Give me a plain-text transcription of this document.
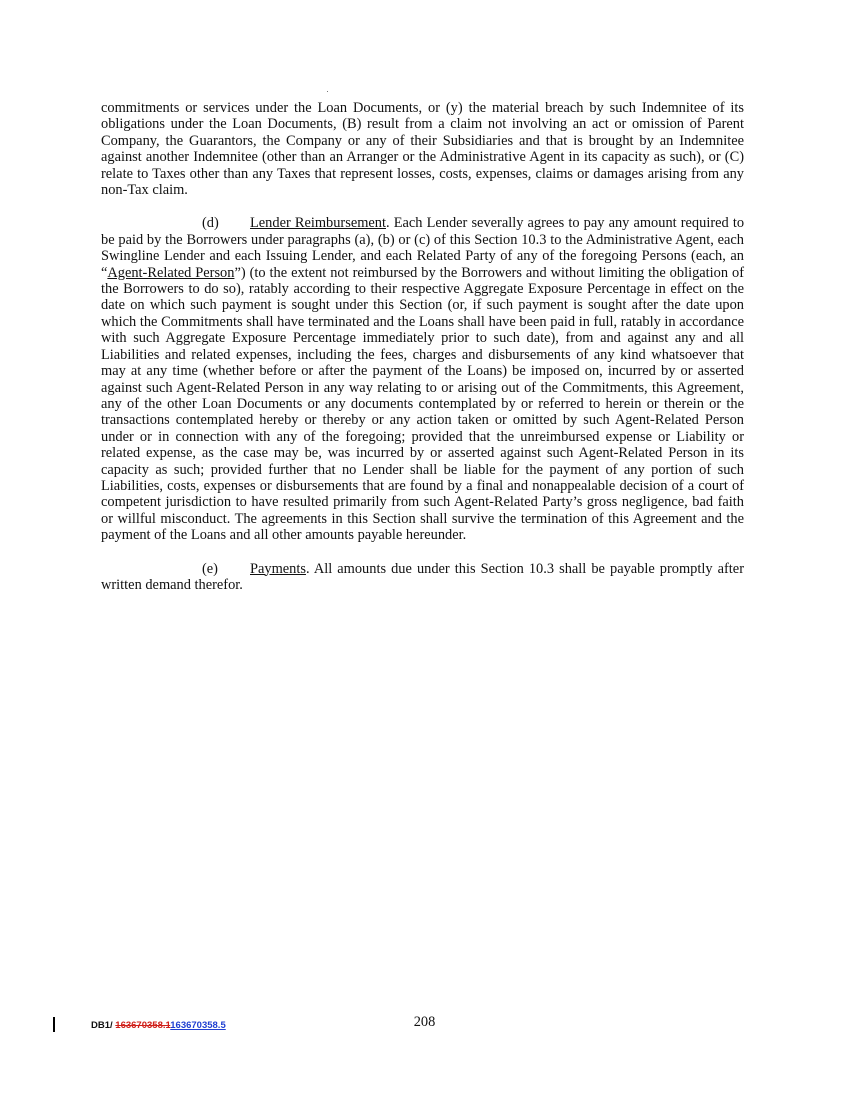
commitments or services under the Loan Documents, or (y) the material breach by such Indemnitee of its obligations under the Loan Documents, (B) result from a claim not involving an act or omission of Parent Company, the Guarantors, the Company or any of their Subsidiaries and that is brought by an Indemnitee against another Indemnitee (other than an Arranger or the Administrative Agent in its capacity as such), or (C) relate to Taxes other than any Taxes that represent losses, costs, expenses, claims or damages arising from any non-Tax claim.

(d) Lender Reimbursement. Each Lender severally agrees to pay any amount required to be paid by the Borrowers under paragraphs (a), (b) or (c) of this Section 10.3 to the Administrative Agent, each Swingline Lender and each Issuing Lender, and each Related Party of any of the foregoing Persons (each, an “Agent-Related Person”) (to the extent not reimbursed by the Borrowers and without limiting the obligation of the Borrowers to do so), ratably according to their respective Aggregate Exposure Percentage in effect on the date on which such payment is sought under this Section (or, if such payment is sought after the date upon which the Commitments shall have terminated and the Loans shall have been paid in full, ratably in accordance with such Aggregate Exposure Percentage immediately prior to such date), from and against any and all Liabilities and related expenses, including the fees, charges and disbursements of any kind whatsoever that may at any time (whether before or after the payment of the Loans) be imposed on, incurred by or asserted against such Agent-Related Person in any way relating to or arising out of the Commitments, this Agreement, any of the other Loan Documents or any documents contemplated by or referred to herein or therein or the transactions contemplated hereby or thereby or any action taken or omitted by such Agent-Related Person under or in connection with any of the foregoing; provided that the unreimbursed expense or Liability or related expense, as the case may be, was incurred by or asserted against such Agent-Related Person in its capacity as such; provided further that no Lender shall be liable for the payment of any portion of such Liabilities, costs, expenses or disbursements that are found by a final and nonappealable decision of a court of competent jurisdiction to have resulted primarily from such Agent-Related Party’s gross negligence, bad faith or willful misconduct. The agreements in this Section shall survive the termination of this Agreement and the payment of the Loans and all other amounts payable hereunder.

(e) Payments. All amounts due under this Section 10.3 shall be payable promptly after written demand therefor.

208
DB1/ 163670358.1163670358.5
